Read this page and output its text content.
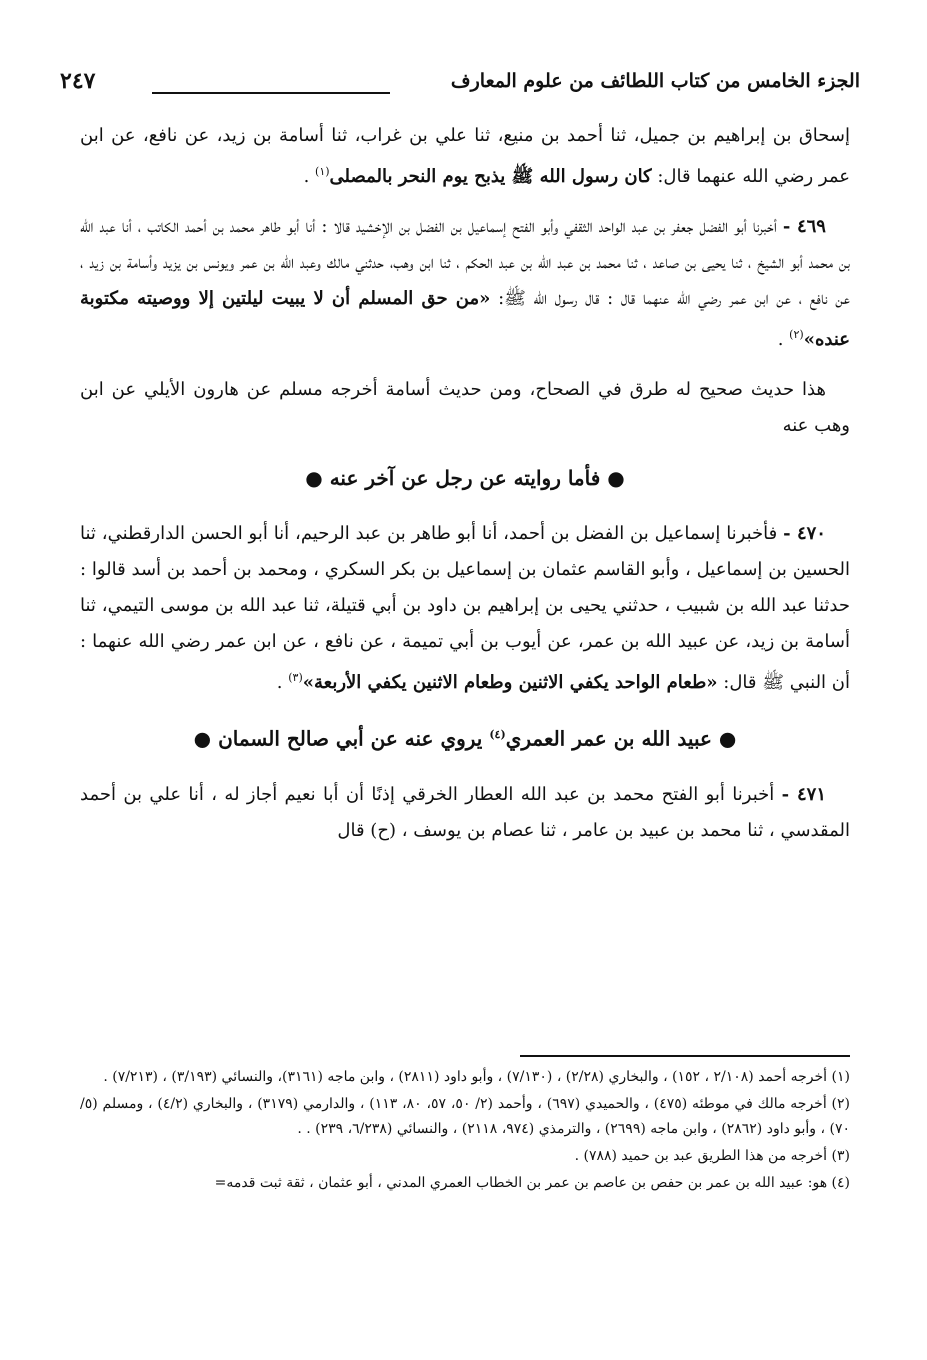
الجزء الخامس من كتاب اللطائف من علوم المعارف
٢٤٧

إسحاق بن إبراهيم بن جميل، ثنا أحمد بن منيع، ثنا علي بن غراب، ثنا أسامة بن زيد، عن نافع، عن ابن عمر رضي الله عنهما قال: كان رسول الله ﷺ يذبح يوم النحر بالمصلى$^{(١)}$ .

٤٦٩ - أخبرنا أبو الفضل جعفر بن عبد الواحد الثقفي وأبو الفتح إسماعيل بن الفضل بن الإخشيد قالا : أنا أبو طاهر محمد بن أحمد الكاتب ، أنا عبد الله بن محمد أبو الشيخ ، ثنا يحيى بن صاعد ، ثنا محمد بن عبد الله بن عبد الحكم ، ثنا ابن وهب، حدثني مالك وعبد الله بن عمر ويونس بن يزيد وأسامة بن زيد ، عن نافع ، عن ابن عمر رضي الله عنهما قال : قال رسول الله ﷺ: «من حق المسلم أن لا يبيت ليلتين إلا ووصيته مكتوبة عنده»$^{(٢)}$ .

هذا حديث صحيح له طرق في الصحاح، ومن حديث أسامة أخرجه مسلم عن هارون الأيلي عن ابن وهب عنه

● فأما روايته عن رجل عن آخر عنه ●

٤٧٠ - فأخبرنا إسماعيل بن الفضل بن أحمد، أنا أبو طاهر بن عبد الرحيم، أنا أبو الحسن الدارقطني، ثنا الحسين بن إسماعيل ، وأبو القاسم عثمان بن إسماعيل بن بكر السكري ، ومحمد بن أحمد بن أسد قالوا : حدثنا عبد الله بن شبيب ، حدثني يحيى بن إبراهيم بن داود بن أبي قتيلة، ثنا عبد الله بن موسى التيمي، ثنا أسامة بن زيد، عن عبيد الله بن عمر، عن أيوب بن أبي تميمة ، عن نافع ، عن ابن عمر رضي الله عنهما : أن النبي ﷺ قال: «طعام الواحد يكفي الاثنين وطعام الاثنين يكفي الأربعة»$^{(٣)}$ .

● عبيد الله بن عمر العمري$^{(٤)}$ يروي عنه عن أبي صالح السمان ●

٤٧١ - أخبرنا أبو الفتح محمد بن عبد الله العطار الخرقي إذنًا أن أبا نعيم أجاز له ، أنا علي بن أحمد المقدسي ، ثنا محمد بن عبيد بن عامر ، ثنا عصام بن يوسف ، (ح) قال

(١) أخرجه أحمد (٢/١٠٨ ، ١٥٢) ، والبخاري (٢/٢٨) ، (٧/١٣٠) ، وأبو داود (٢٨١١) ، وابن ماجه (٣١٦١)، والنسائي (٣/١٩٣) ، (٧/٢١٣) .
(٢) أخرجه مالك في موطئه (٤٧٥) ، والحميدي (٦٩٧) ، وأحمد (٢/ ٥٠، ٥٧، ٨٠، ١١٣) ، والدارمي (٣١٧٩) ، والبخاري (٤/٢) ، ومسلم (٥/ ٧٠) ، وأبو داود (٢٨٦٢) ، وابن ماجه (٢٦٩٩) ، والترمذي (٩٧٤، ٢١١٨) ، والنسائي (٦/٢٣٨، ٢٣٩) . .
(٣) أخرجه من هذا الطريق عبد بن حميد (٧٨٨) .
(٤) هو: عبيد الله بن عمر بن حفص بن عاصم بن عمر بن الخطاب العمري المدني ، أبو عثمان ، ثقة ثبت قدمه=
